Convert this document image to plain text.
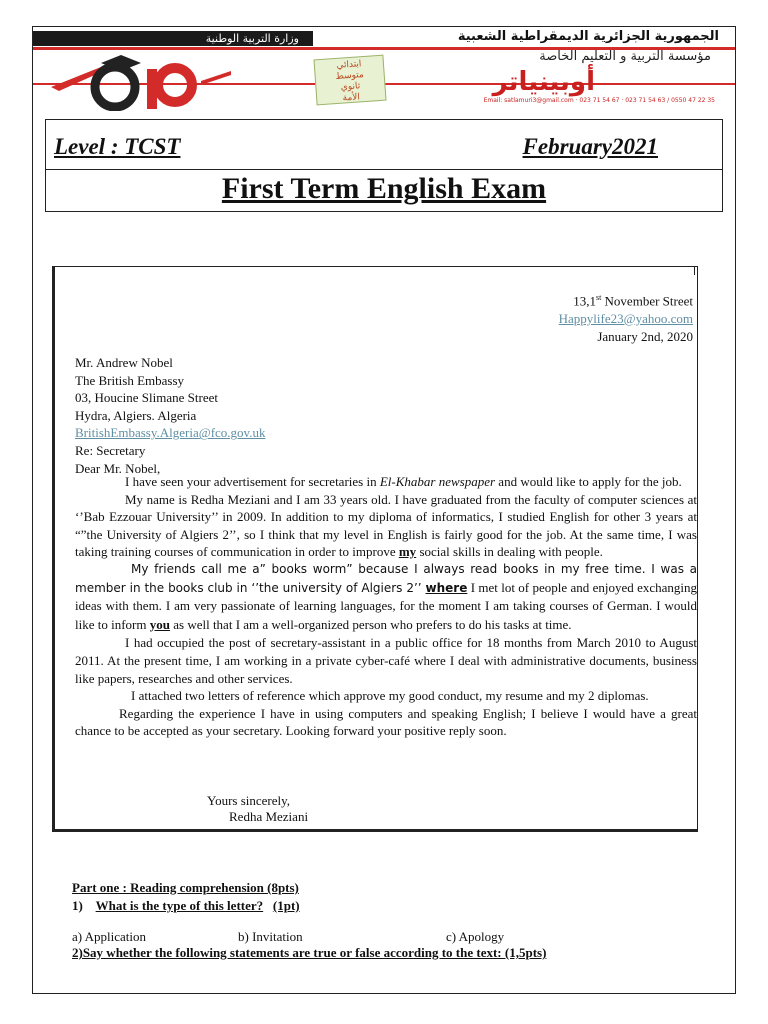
وزارة التربية الوطنية	الجمهورية الجزائرية الديمقراطية الشعبية
مؤسسة التربية و التعليم الخاصة
أوبينياتر
ابتدائي
متوسط
ثانوي
الأمة	Email: satlamuri3@gmail.com · 023 71 54 67 · 023 71 54 63 / 0550 47 22 35
Level : TCST	February2021
First Term English Exam
13,1st November Street
Happylife23@yahoo.com
January 2nd, 2020
Mr. Andrew Nobel
The British Embassy
03, Houcine Slimane Street
Hydra, Algiers. Algeria
BritishEmbassy.Algeria@fco.gov.uk
Re: Secretary
Dear Mr. Nobel,

I have seen your advertisement for secretaries in El-Khabar newspaper and would like to apply for the job.

My name is Redha Meziani and I am 33 years old. I have graduated from the faculty of computer sciences at ‘’Bab Ezzouar University’’ in 2009. In addition to my diploma of informatics, I studied English for other 3 years at “”the University of Algiers 2’’, so I think that my level in English is fairly good for the job. At the same time, I was taking training courses of communication in order to improve my social skills in dealing with people.

My friends call me a” books worm” because I always read books in my free time. I was a member in the books club in ‘’the university of Algiers 2’’ where I met lot of people and enjoyed exchanging ideas with them. I am very passionate of learning languages, for the moment I am taking courses of German. I would like to inform you as well that I am a well-organized person who prefers to do his tasks at time.

I had occupied the post of secretary-assistant in a public office for 18 months from March 2010 to August 2011. At the present time, I am working in a private cyber-café where I deal with administrative documents, business like papers, researches and other services.

I attached two letters of reference which approve my good conduct, my resume and my 2 diplomas.

Regarding the experience I have in using computers and speaking English; I believe I would have a great chance to be accepted as your secretary. Looking forward your positive reply soon.

Yours sincerely,
Redha Meziani
Part one : Reading comprehension (8pts)
1) What is the type of this letter? (1pt)
a) Application	b) Invitation	c) Apology
2)Say whether the following statements are true or false according to the text: (1,5pts)
